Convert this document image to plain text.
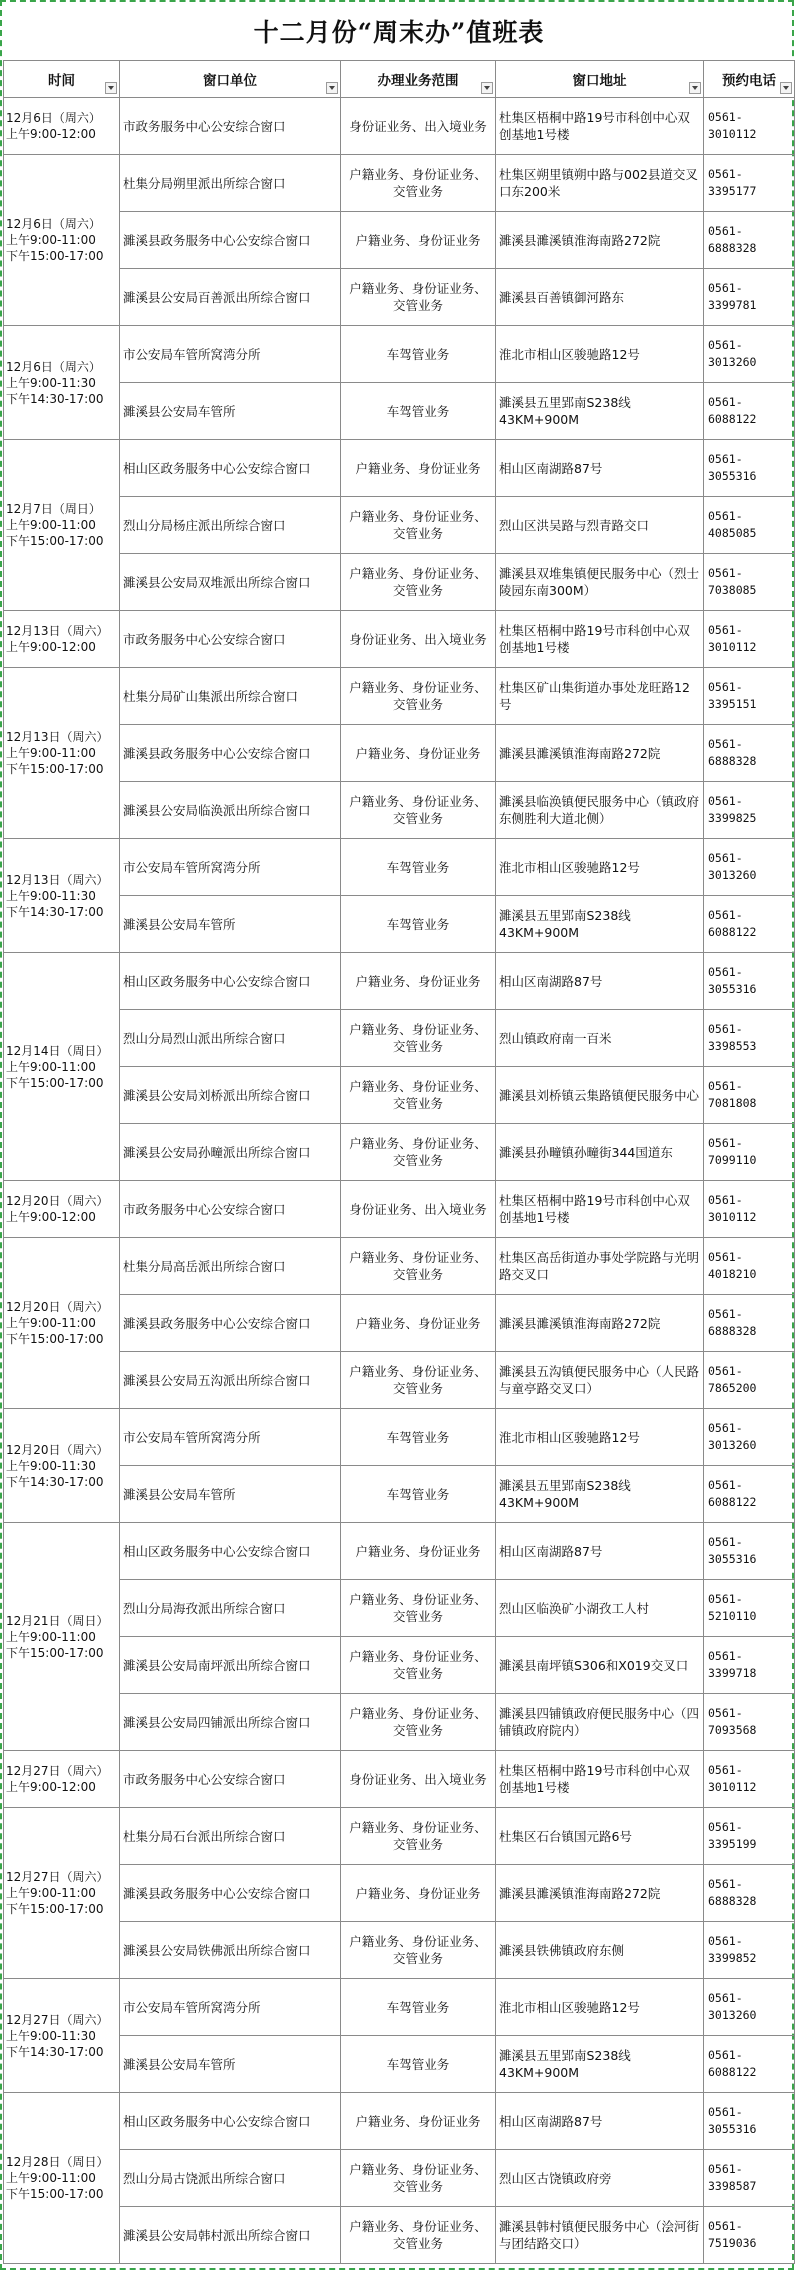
十二月份“周末办”值班表
时间	窗口单位	办理业务范围	窗口地址	预约电话

12月6日（周六）
上午9:00-12:00	市政务服务中心公安综合窗口	身份证业务、出入境业务	杜集区梧桐中路19号市科创中心双创基地1号楼	0561-3010112
12月6日（周六）
上午9:00-11:00
下午15:00-17:00	杜集分局朔里派出所综合窗口	户籍业务、身份证业务、交管业务	杜集区朔里镇朔中路与002县道交叉口东200米	0561-3395177
	濉溪县政务服务中心公安综合窗口	户籍业务、身份证业务	濉溪县濉溪镇淮海南路272院	0561-6888328
	濉溪县公安局百善派出所综合窗口	户籍业务、身份证业务、交管业务	濉溪县百善镇御河路东	0561-3399781
12月6日（周六）
上午9:00-11:30
下午14:30-17:00	市公安局车管所窝湾分所	车驾管业务	淮北市相山区骏驰路12号	0561-3013260
	濉溪县公安局车管所	车驾管业务	濉溪县五里郢南S238线43KM+900M	0561-6088122
12月7日（周日）
上午9:00-11:00
下午15:00-17:00	相山区政务服务中心公安综合窗口	户籍业务、身份证业务	相山区南湖路87号	0561-3055316
	烈山分局杨庄派出所综合窗口	户籍业务、身份证业务、交管业务	烈山区洪吴路与烈青路交口	0561-4085085
	濉溪县公安局双堆派出所综合窗口	户籍业务、身份证业务、交管业务	濉溪县双堆集镇便民服务中心（烈士陵园东南300M）	0561-7038085
12月13日（周六）
上午9:00-12:00	市政务服务中心公安综合窗口	身份证业务、出入境业务	杜集区梧桐中路19号市科创中心双创基地1号楼	0561-3010112
12月13日（周六）
上午9:00-11:00
下午15:00-17:00	杜集分局矿山集派出所综合窗口	户籍业务、身份证业务、交管业务	杜集区矿山集街道办事处龙旺路12号	0561-3395151
	濉溪县政务服务中心公安综合窗口	户籍业务、身份证业务	濉溪县濉溪镇淮海南路272院	0561-6888328
	濉溪县公安局临涣派出所综合窗口	户籍业务、身份证业务、交管业务	濉溪县临涣镇便民服务中心（镇政府东侧胜利大道北侧）	0561-3399825
12月13日（周六）
上午9:00-11:30
下午14:30-17:00	市公安局车管所窝湾分所	车驾管业务	淮北市相山区骏驰路12号	0561-3013260
	濉溪县公安局车管所	车驾管业务	濉溪县五里郢南S238线43KM+900M	0561-6088122
12月14日（周日）
上午9:00-11:00
下午15:00-17:00	相山区政务服务中心公安综合窗口	户籍业务、身份证业务	相山区南湖路87号	0561-3055316
	烈山分局烈山派出所综合窗口	户籍业务、身份证业务、交管业务	烈山镇政府南一百米	0561-3398553
	濉溪县公安局刘桥派出所综合窗口	户籍业务、身份证业务、交管业务	濉溪县刘桥镇云集路镇便民服务中心	0561-7081808
	濉溪县公安局孙疃派出所综合窗口	户籍业务、身份证业务、交管业务	濉溪县孙疃镇孙疃街344国道东	0561-7099110
12月20日（周六）
上午9:00-12:00	市政务服务中心公安综合窗口	身份证业务、出入境业务	杜集区梧桐中路19号市科创中心双创基地1号楼	0561-3010112
12月20日（周六）
上午9:00-11:00
下午15:00-17:00	杜集分局高岳派出所综合窗口	户籍业务、身份证业务、交管业务	杜集区高岳街道办事处学院路与光明路交叉口	0561-4018210
	濉溪县政务服务中心公安综合窗口	户籍业务、身份证业务	濉溪县濉溪镇淮海南路272院	0561-6888328
	濉溪县公安局五沟派出所综合窗口	户籍业务、身份证业务、交管业务	濉溪县五沟镇便民服务中心（人民路与童亭路交叉口）	0561-7865200
12月20日（周六）
上午9:00-11:30
下午14:30-17:00	市公安局车管所窝湾分所	车驾管业务	淮北市相山区骏驰路12号	0561-3013260
	濉溪县公安局车管所	车驾管业务	濉溪县五里郢南S238线43KM+900M	0561-6088122
12月21日（周日）
上午9:00-11:00
下午15:00-17:00	相山区政务服务中心公安综合窗口	户籍业务、身份证业务	相山区南湖路87号	0561-3055316
	烈山分局海孜派出所综合窗口	户籍业务、身份证业务、交管业务	烈山区临涣矿小湖孜工人村	0561-5210110
	濉溪县公安局南坪派出所综合窗口	户籍业务、身份证业务、交管业务	濉溪县南坪镇S306和X019交叉口	0561-3399718
	濉溪县公安局四铺派出所综合窗口	户籍业务、身份证业务、交管业务	濉溪县四铺镇政府便民服务中心（四铺镇政府院内）	0561-7093568
12月27日（周六）
上午9:00-12:00	市政务服务中心公安综合窗口	身份证业务、出入境业务	杜集区梧桐中路19号市科创中心双创基地1号楼	0561-3010112
12月27日（周六）
上午9:00-11:00
下午15:00-17:00	杜集分局石台派出所综合窗口	户籍业务、身份证业务、交管业务	杜集区石台镇国元路6号	0561-3395199
	濉溪县政务服务中心公安综合窗口	户籍业务、身份证业务	濉溪县濉溪镇淮海南路272院	0561-6888328
	濉溪县公安局铁佛派出所综合窗口	户籍业务、身份证业务、交管业务	濉溪县铁佛镇政府东侧	0561-3399852
12月27日（周六）
上午9:00-11:30
下午14:30-17:00	市公安局车管所窝湾分所	车驾管业务	淮北市相山区骏驰路12号	0561-3013260
	濉溪县公安局车管所	车驾管业务	濉溪县五里郢南S238线43KM+900M	0561-6088122
12月28日（周日）
上午9:00-11:00
下午15:00-17:00	相山区政务服务中心公安综合窗口	户籍业务、身份证业务	相山区南湖路87号	0561-3055316
	烈山分局古饶派出所综合窗口	户籍业务、身份证业务、交管业务	烈山区古饶镇政府旁	0561-3398587
	濉溪县公安局韩村派出所综合窗口	户籍业务、身份证业务、交管业务	濉溪县韩村镇便民服务中心（浍河街与团结路交口）	0561-7519036
